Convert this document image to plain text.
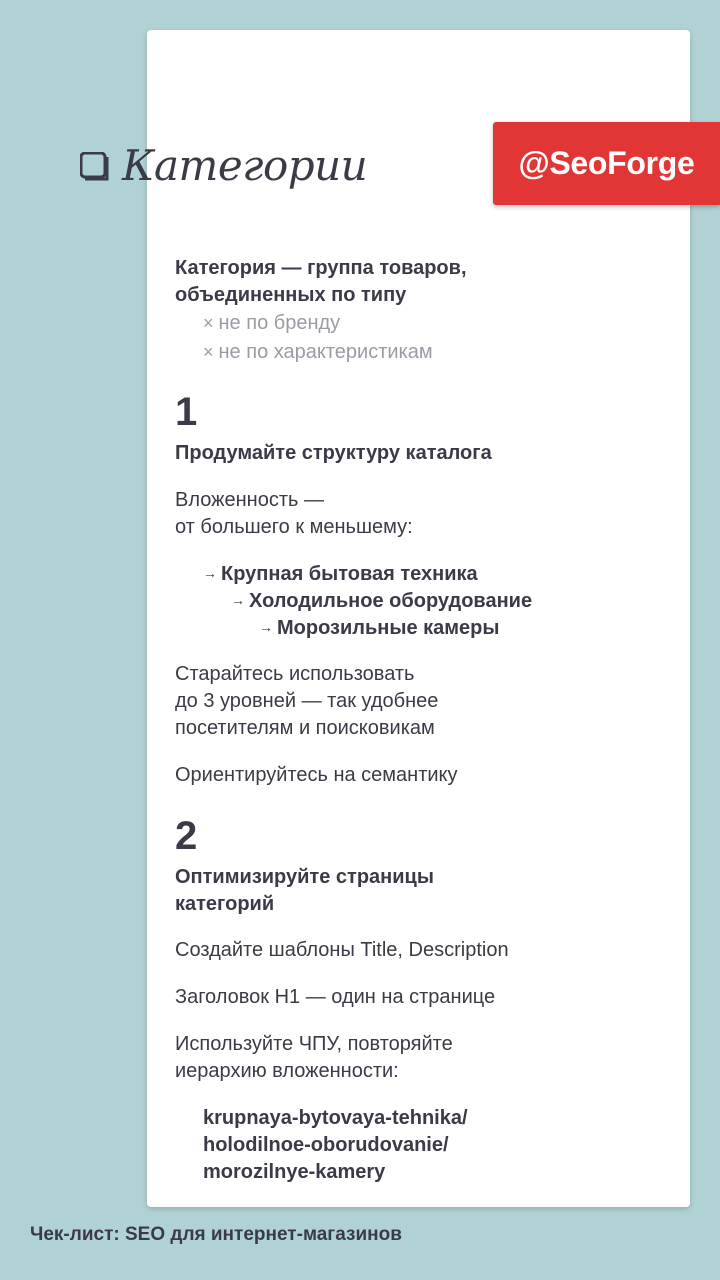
Категории	@SeoForge
Категория — группа товаров,
объединенных по типу
× не по бренду
× не по характеристикам
1
Продумайте структуру каталога
Вложенность —
от большего к меньшему:
→ Крупная бытовая техника
→ Холодильное оборудование
→ Морозильные камеры
Старайтесь использовать
до 3 уровней — так удобнее
посетителям и поисковикам
Ориентируйтесь на семантику
2
Оптимизируйте страницы
категорий
Создайте шаблоны Title, Description
Заголовок H1 — один на странице
Используйте ЧПУ, повторяйте
иерархию вложенности:
krupnaya-bytovaya-tehnika/
holodilnoe-oborudovanie/
morozilnye-kamery
Чек-лист: SEO для интернет-магазинов
